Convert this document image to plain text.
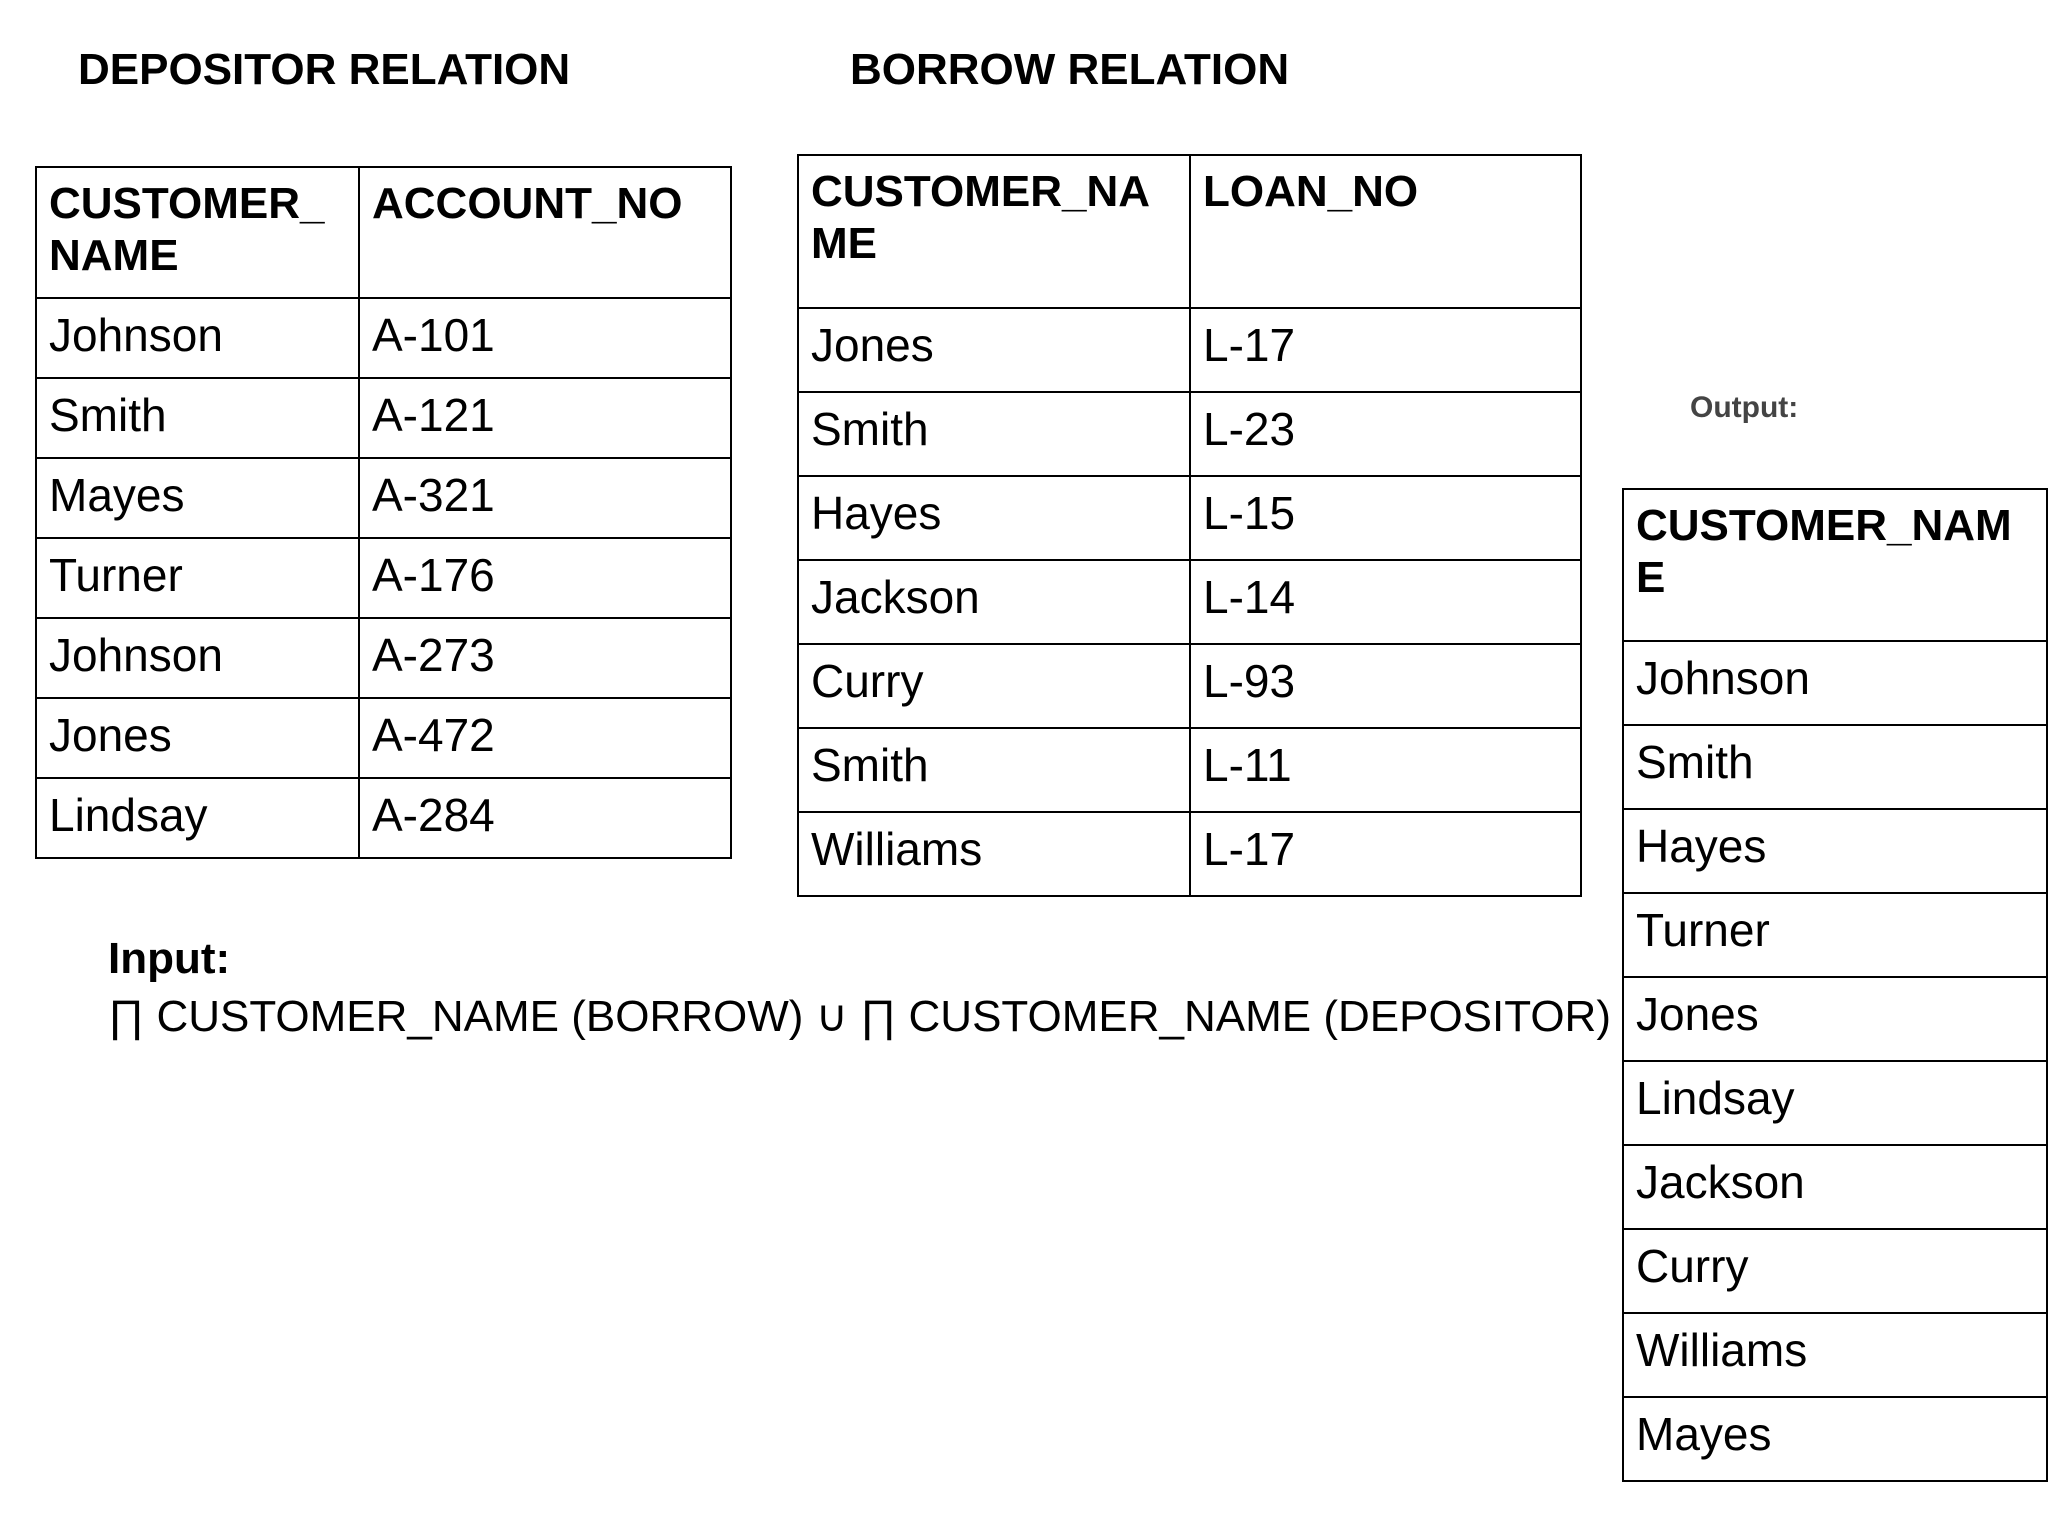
DEPOSITOR RELATION
CUSTOMER_
NAME	ACCOUNT_NO
Johnson	A-101
Smith	A-121
Mayes	A-321
Turner	A-176
Johnson	A-273
Jones	A-472
Lindsay	A-284
BORROW RELATION
CUSTOMER_NAME	LOAN_NO
Jones	L-17
Smith	L-23
Hayes	L-15
Jackson	L-14
Curry	L-93
Smith	L-11
Williams	L-17

Output:

CUSTOMER_NAME
Johnson
Smith
Hayes
Turner
Jones
Lindsay
Jackson
Curry
Williams
Mayes
Input:
∏ CUSTOMER_NAME (BORROW) ∪ ∏ CUSTOMER_NAME (DEPOSITOR)
